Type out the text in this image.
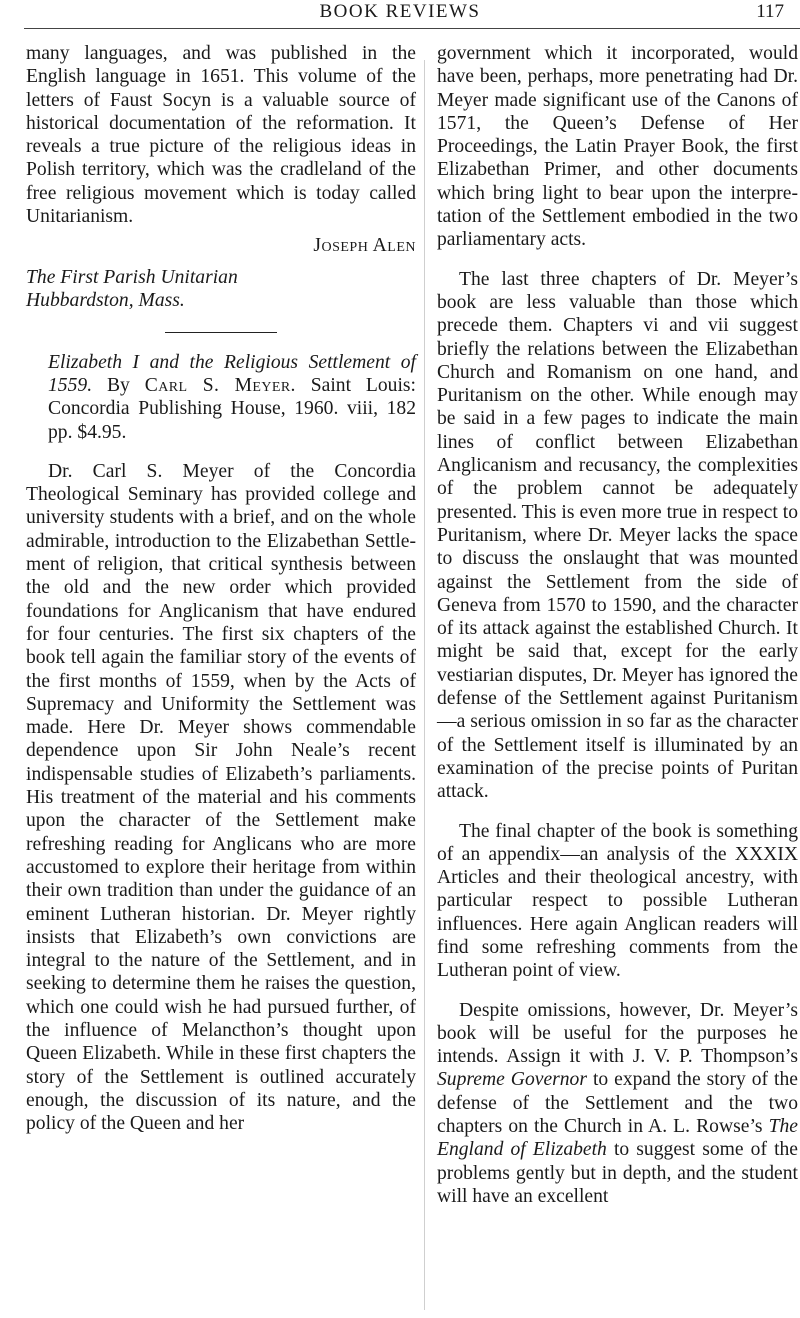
BOOK REVIEWS	117

many languages, and was published in the English language in 1651. This volume of the letters of Faust Socyn is a valuable source of historical documentation of the reformation. It reveals a true picture of the religious ideas in Polish territory, which was the cradleland of the free religious movement which is today called Unitarianism.

Joseph Alen
The First Parish Unitarian
Hubbardston, Mass.

Elizabeth I and the Religious Settlement of 1559. By Carl S. Meyer. Saint Louis: Concordia Publishing House, 1960. viii, 182 pp. $4.95.

Dr. Carl S. Meyer of the Concordia Theological Seminary has provided college and university students with a brief, and on the whole admirable, introduction to the Elizabethan Settlement of religion, that critical synthesis between the old and the new order which provided foundations for Anglicanism that have endured for four centuries. The first six chapters of the book tell again the familiar story of the events of the first months of 1559, when by the Acts of Supremacy and Uniformity the Settlement was made. Here Dr. Meyer shows commendable dependence upon Sir John Neale’s recent indispensable studies of Elizabeth’s parliaments. His treatment of the material and his comments upon the character of the Settlement make refreshing reading for Anglicans who are more accustomed to explore their heritage from within their own tradition than under the guidance of an eminent Lutheran historian. Dr. Meyer rightly insists that Elizabeth’s own convictions are integral to the nature of the Settlement, and in seeking to determine them he raises the question, which one could wish he had pursued further, of the influence of Melancthon’s thought upon Queen Elizabeth. While in these first chapters the story of the Settlement is outlined accurately enough, the discussion of its nature, and the policy of the Queen and her

government which it incorporated, would have been, perhaps, more penetrating had Dr. Meyer made significant use of the Canons of 1571, the Queen’s Defense of Her Proceedings, the Latin Prayer Book, the first Elizabethan Primer, and other documents which bring light to bear upon the interpretation of the Settlement embodied in the two parliamentary acts.

The last three chapters of Dr. Meyer’s book are less valuable than those which precede them. Chapters vi and vii suggest briefly the relations between the Elizabethan Church and Romanism on one hand, and Puritanism on the other. While enough may be said in a few pages to indicate the main lines of conflict between Elizabethan Anglicanism and recusancy, the complexities of the problem cannot be adequately presented. This is even more true in respect to Puritanism, where Dr. Meyer lacks the space to discuss the onslaught that was mounted against the Settlement from the side of Geneva from 1570 to 1590, and the character of its attack against the established Church. It might be said that, except for the early vestiarian disputes, Dr. Meyer has ignored the defense of the Settlement against Puritanism—a serious omission in so far as the character of the Settlement itself is illuminated by an examination of the precise points of Puritan attack.

The final chapter of the book is something of an appendix—an analysis of the XXXIX Articles and their theological ancestry, with particular respect to possible Lutheran influences. Here again Anglican readers will find some refreshing comments from the Lutheran point of view.

Despite omissions, however, Dr. Meyer’s book will be useful for the purposes he intends. Assign it with J. V. P. Thompson’s Supreme Governor to expand the story of the defense of the Settlement and the two chapters on the Church in A. L. Rowse’s The England of Elizabeth to suggest some of the problems gently but in depth, and the student will have an excellent
